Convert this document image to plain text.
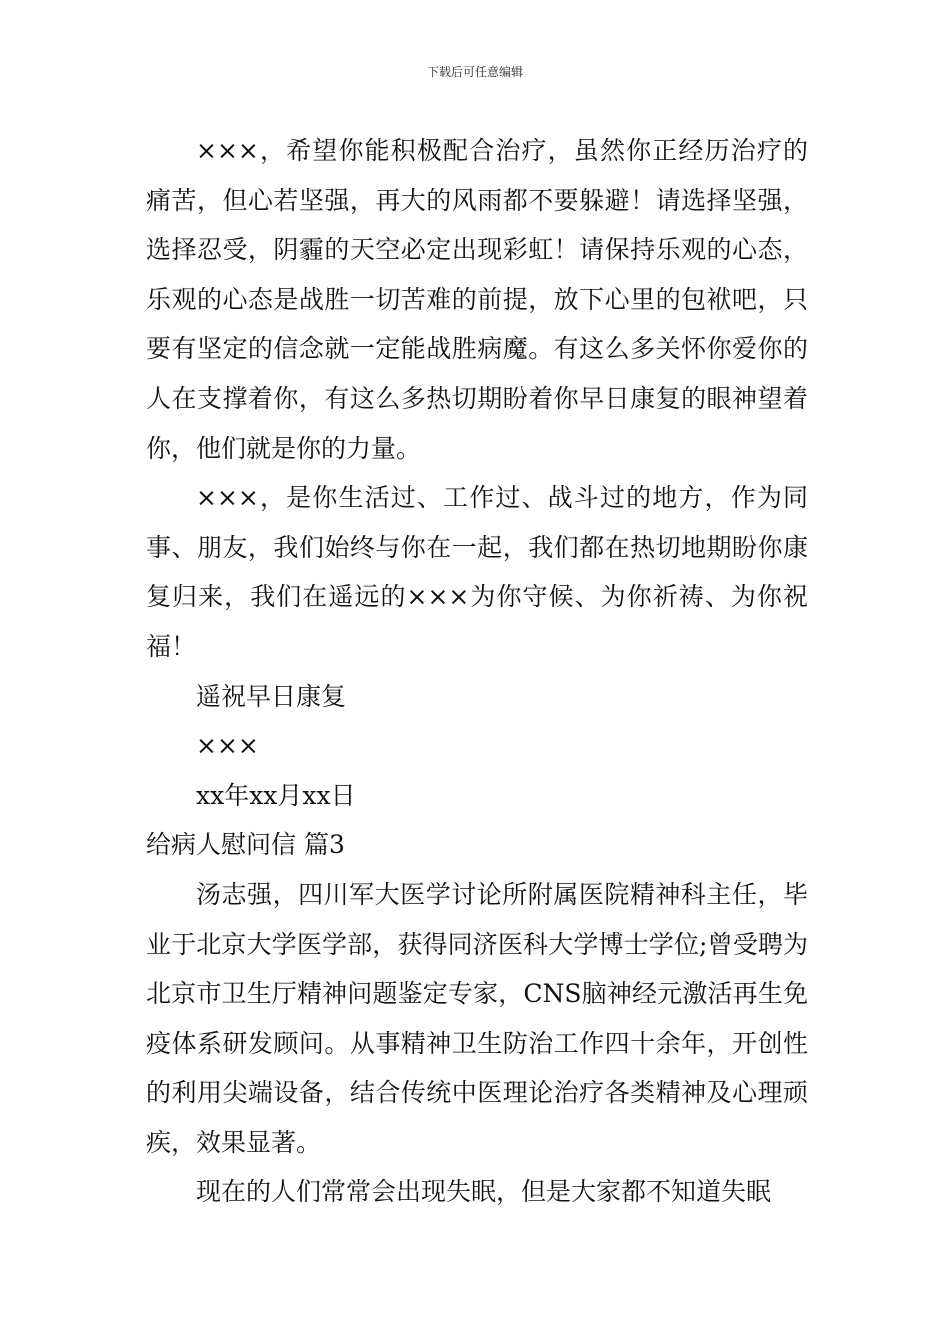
下载后可任意编辑

×××，希望你能积极配合治疗，虽然你正经历治疗的痛苦，但心若坚强，再大的风雨都不要躲避！请选择坚强，选择忍受，阴霾的天空必定出现彩虹！请保持乐观的心态，乐观的心态是战胜一切苦难的前提，放下心里的包袱吧，只要有坚定的信念就一定能战胜病魔。有这么多关怀你爱你的人在支撑着你，有这么多热切期盼着你早日康复的眼神望着你，他们就是你的力量。

×××，是你生活过、工作过、战斗过的地方，作为同事、朋友，我们始终与你在一起，我们都在热切地期盼你康复归来，我们在遥远的×××为你守候、为你祈祷、为你祝福！

遥祝早日康复

×××

xx年xx月xx日

给病人慰问信 篇3

汤志强，四川军大医学讨论所附属医院精神科主任，毕业于北京大学医学部，获得同济医科大学博士学位;曾受聘为北京市卫生厅精神问题鉴定专家，CNS脑神经元激活再生免疫体系研发顾问。从事精神卫生防治工作四十余年，开创性的利用尖端设备，结合传统中医理论治疗各类精神及心理顽疾，效果显著。

现在的人们常常会出现失眠，但是大家都不知道失眠
